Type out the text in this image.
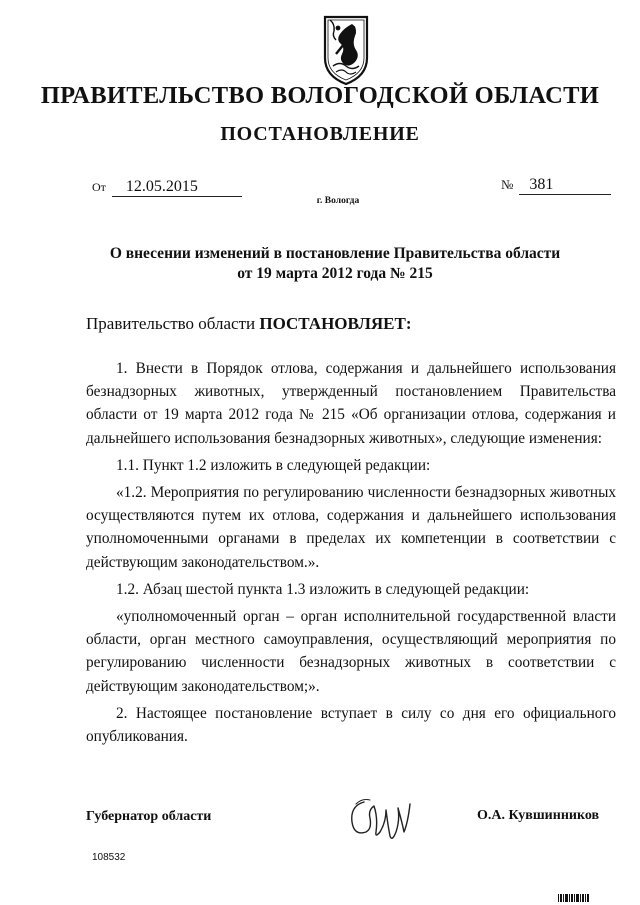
ПРАВИТЕЛЬСТВО ВОЛОГОДСКОЙ ОБЛАСТИ
ПОСТАНОВЛЕНИЕ
От 12.05.2015	№ 381
г. Вологда
О внесении изменений в постановление Правительства области
от 19 марта 2012 года № 215
Правительство области ПОСТАНОВЛЯЕТ:

1. Внести в Порядок отлова, содержания и дальнейшего использования безнадзорных животных, утвержденный постановлением Правительства области от 19 марта 2012 года № 215 «Об организации отлова, содержания и дальнейшего использования безнадзорных животных», следующие изменения:

1.1. Пункт 1.2 изложить в следующей редакции:

«1.2. Мероприятия по регулированию численности безнадзорных животных осуществляются путем их отлова, содержания и дальнейшего использования уполномоченными органами в пределах их компетенции в соответствии с действующим законодательством.».

1.2. Абзац шестой пункта 1.3 изложить в следующей редакции:

«уполномоченный орган – орган исполнительной государственной власти области, орган местного самоуправления, осуществляющий мероприятия по регулированию численности безнадзорных животных в соответствии с действующим законодательством;».

2. Настоящее постановление вступает в силу со дня его официального опубликования.

Губернатор области	О.А. Кувшинников
108532
